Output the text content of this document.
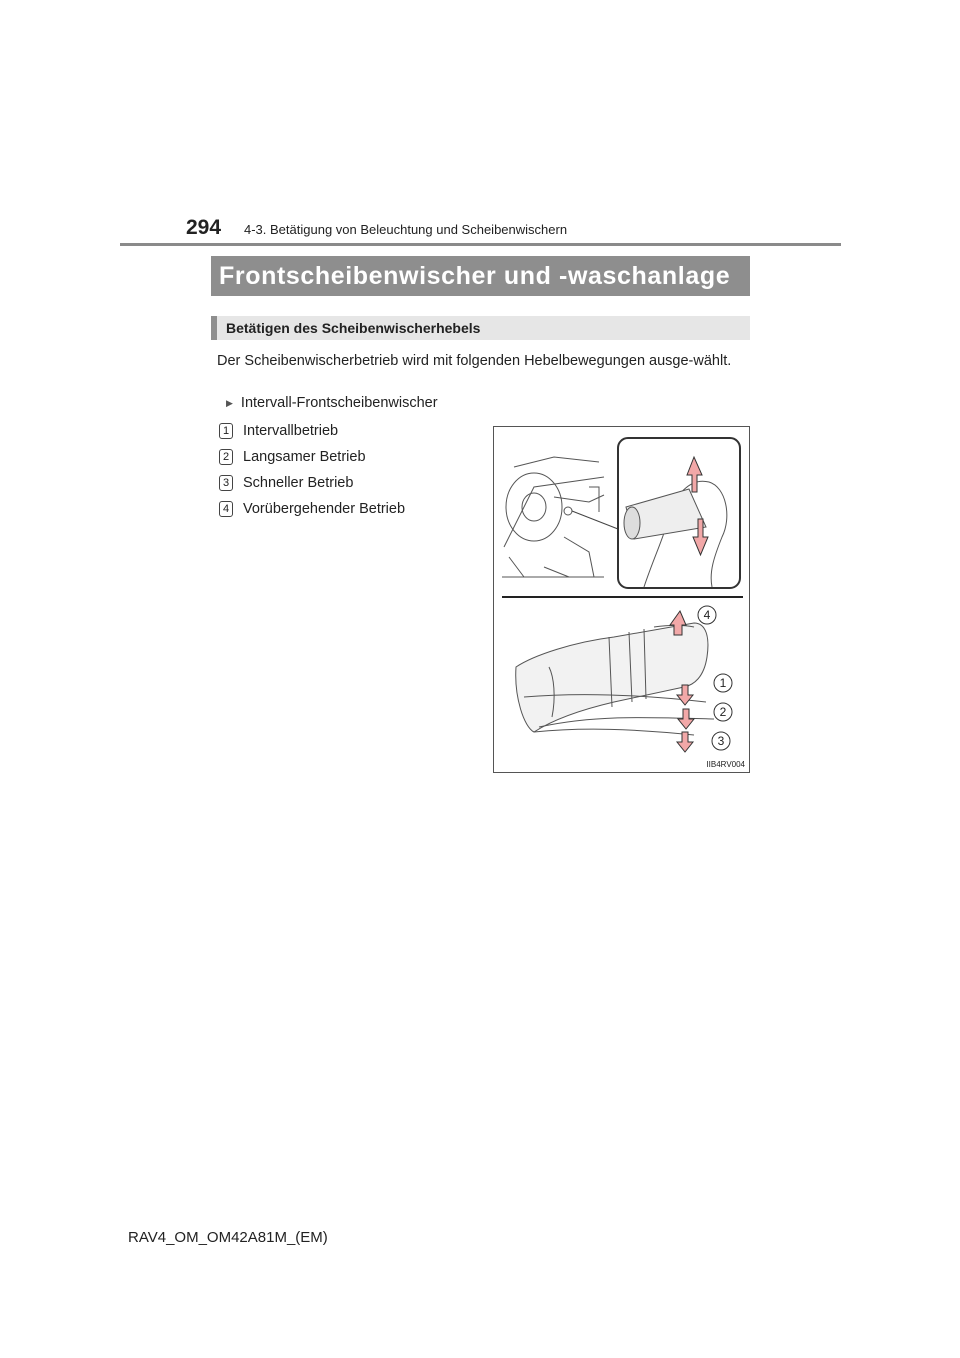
294 4-3. Betätigung von Beleuchtung und Scheibenwischern
Frontscheibenwischer und -waschanlage
Betätigen des Scheibenwischerhebels

Der Scheibenwischerbetrieb wird mit folgenden Hebelbewegungen ausge-wählt.

▶ Intervall-Frontscheibenwischer
1 Intervallbetrieb
2 Langsamer Betrieb
3 Schneller Betrieb
4 Vorübergehender Betrieb
4
1
2
3
IIB4RV004
RAV4_OM_OM42A81M_(EM)
